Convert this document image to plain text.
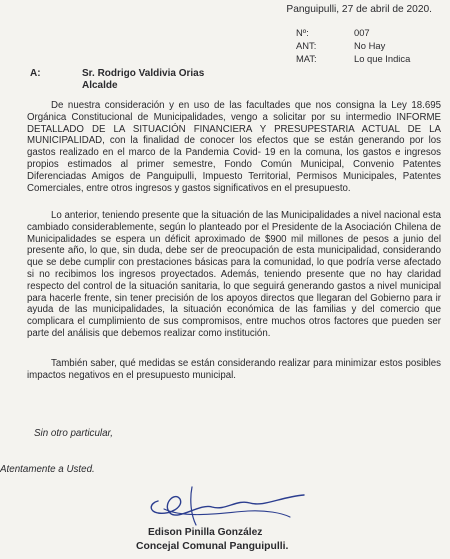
Panguipulli, 27 de abril de 2020.
Nº:	007
ANT:	No Hay
MAT:	Lo que Indica
A:	Sr. Rodrigo Valdivia Orias
Alcalde
De nuestra consideración y en uso de las facultades que nos consigna la Ley 18.695 Orgánica Constitucional de Municipalidades, vengo a solicitar por su intermedio INFORME DETALLADO DE LA SITUACIÓN FINANCIERA Y PRESUPESTARIA ACTUAL DE LA MUNICIPALIDAD, con la finalidad de conocer los efectos que se están generando por los gastos realizado en el marco de la Pandemia Covid- 19 en la comuna, los gastos e ingresos propios estimados al primer semestre, Fondo Común Municipal, Convenio Patentes Diferenciadas Amigos de Panguipulli, Impuesto Territorial, Permisos Municipales, Patentes Comerciales, entre otros ingresos y gastos significativos en el presupuesto.
Lo anterior, teniendo presente que la situación de las Municipalidades a nivel nacional esta cambiado considerablemente, según lo planteado por el Presidente de la Asociación Chilena de Municipalidades se espera un déficit aproximado de $900 mil millones de pesos a junio del presente año, lo que, sin duda, debe ser de preocupación de esta municipalidad, considerando que se debe cumplir con prestaciones básicas para la comunidad, lo que podría verse afectado si no recibimos los ingresos proyectados. Además, teniendo presente que no hay claridad respecto del control de la situación sanitaria, lo que seguirá generando gastos a nivel municipal para hacerle frente, sin tener precisión de los apoyos directos que llegaran del Gobierno para ir ayuda de las municipalidades, la situación económica de las familias y del comercio que complicara el cumplimiento de sus compromisos, entre muchos otros factores que pueden ser parte del análisis que debemos realizar como institución.
También saber, qué medidas se están considerando realizar para minimizar estos posibles impactos negativos en el presupuesto municipal.
Sin otro particular,
Atentamente a Usted.
Edison Pinilla González
Concejal Comunal Panguipulli.
